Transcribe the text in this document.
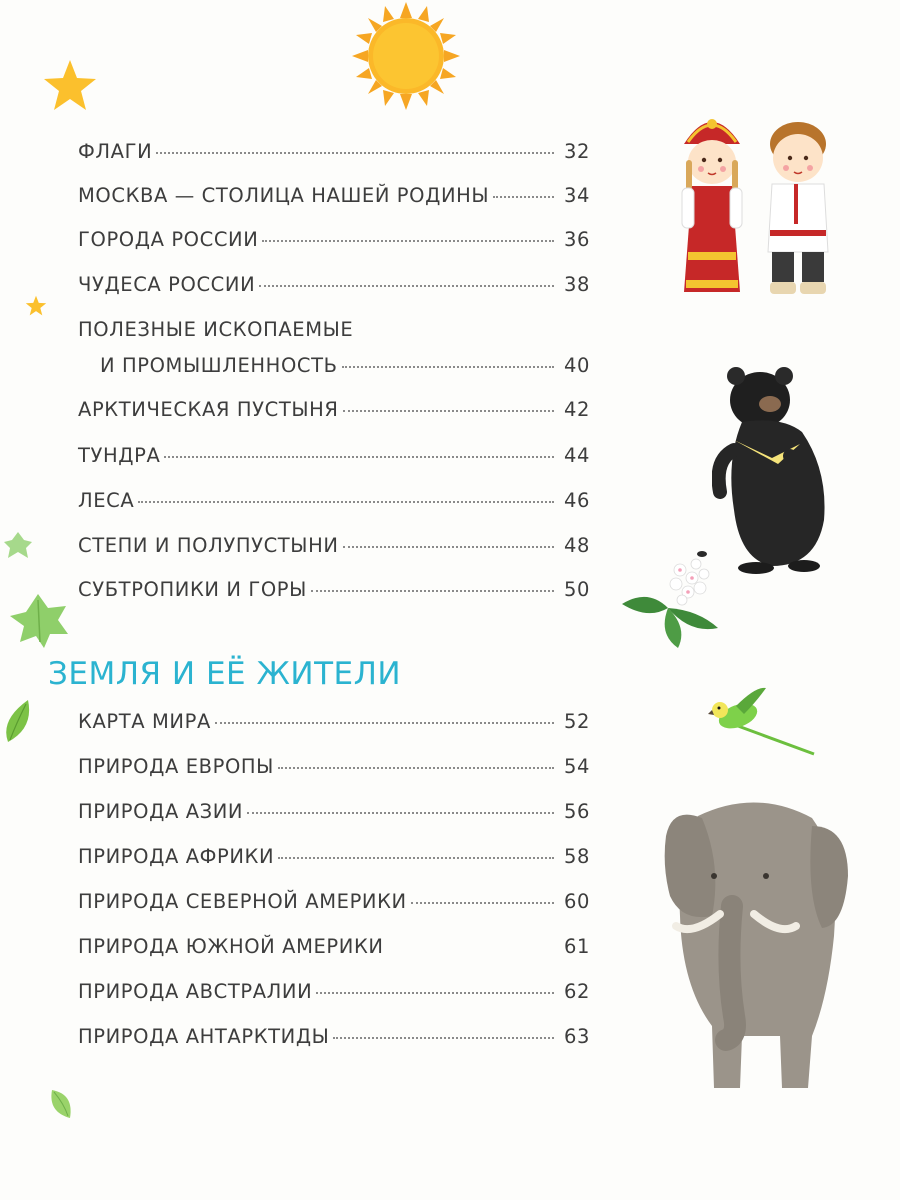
ФЛАГИ	32
МОСКВА — СТОЛИЦА НАШЕЙ РОДИНЫ	34
ГОРОДА РОССИИ	36
ЧУДЕСА РОССИИ	38
ПОЛЕЗНЫЕ ИСКОПАЕМЫЕ
И ПРОМЫШЛЕННОСТЬ	40
АРКТИЧЕСКАЯ ПУСТЫНЯ	42
ТУНДРА	44
ЛЕСА	46
СТЕПИ И ПОЛУПУСТЫНИ	48
СУБТРОПИКИ И ГОРЫ	50
ЗЕМЛЯ И ЕЁ ЖИТЕЛИ
КАРТА МИРА	52
ПРИРОДА ЕВРОПЫ	54
ПРИРОДА АЗИИ	56
ПРИРОДА АФРИКИ	58
ПРИРОДА СЕВЕРНОЙ АМЕРИКИ	60
ПРИРОДА ЮЖНОЙ АМЕРИКИ	61
ПРИРОДА АВСТРАЛИИ	62
ПРИРОДА АНТАРКТИДЫ	63
